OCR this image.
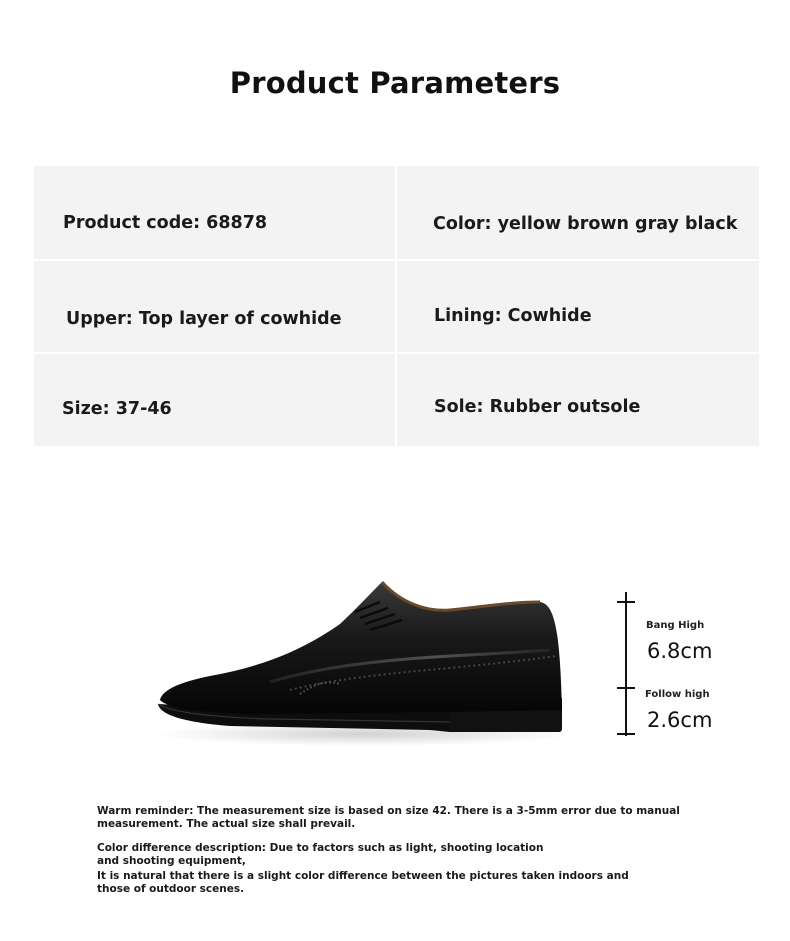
Product Parameters
Product code: 68878	Color: yellow brown gray black
Upper: Top layer of cowhide	Lining: Cowhide
Size: 37-46	Sole: Rubber outsole
Bang High
6.8cm
Follow high
2.6cm
Warm reminder: The measurement size is based on size 42. There is a 3-5mm error due to manual measurement. The actual size shall prevail.
Color difference description: Due to factors such as light, shooting location and shooting equipment,
It is natural that there is a slight color difference between the pictures taken indoors and those of outdoor scenes.
